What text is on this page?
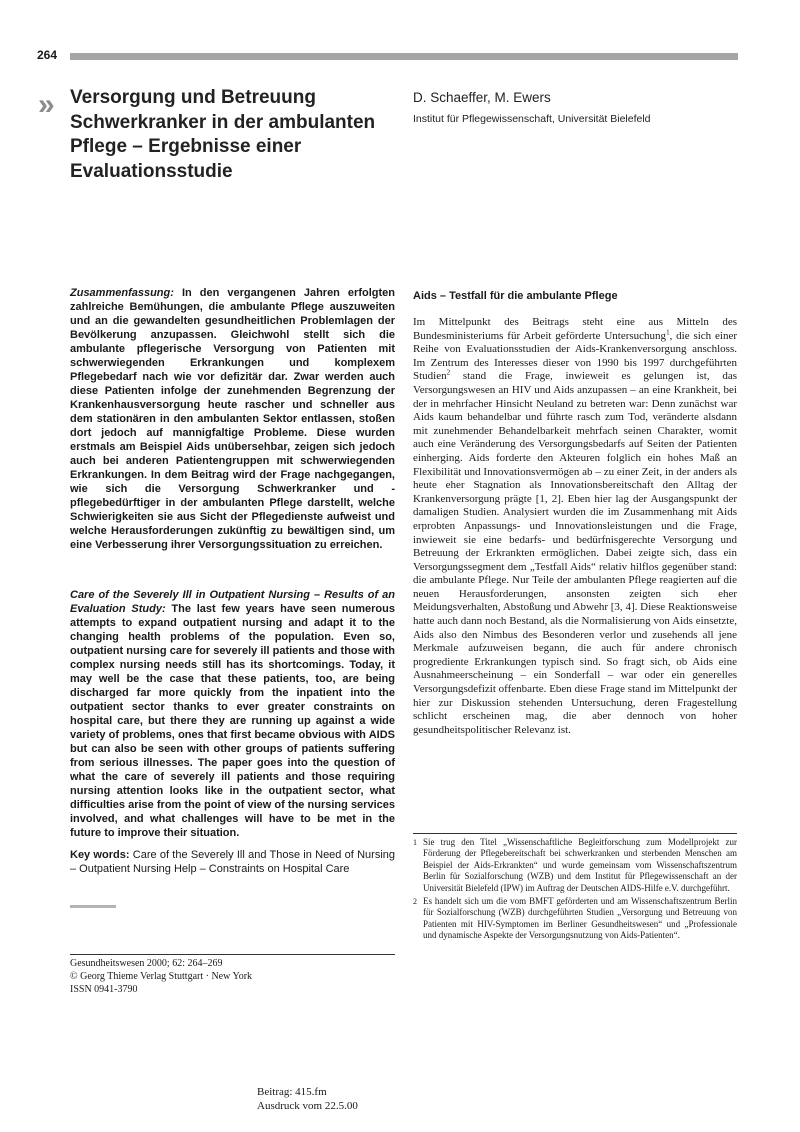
264
» Versorgung und Betreuung Schwerkranker in der ambulanten Pflege – Ergebnisse einer Evaluationsstudie
D. Schaeffer, M. Ewers
Institut für Pflegewissenschaft, Universität Bielefeld

Zusammenfassung: In den vergangenen Jahren erfolgten zahlreiche Bemühungen, die ambulante Pflege auszuweiten und an die gewandelten gesundheitlichen Problemlagen der Bevölkerung anzupassen. Gleichwohl stellt sich die ambulante pflegerische Versorgung von Patienten mit schwerwiegenden Erkrankungen und komplexem Pflegebedarf nach wie vor defizitär dar. Zwar werden auch diese Patienten infolge der zunehmenden Begrenzung der Krankenhausversorgung heute rascher und schneller aus dem stationären in den ambulanten Sektor entlassen, stoßen dort jedoch auf mannigfaltige Probleme. Diese wurden erstmals am Beispiel Aids unübersehbar, zeigen sich jedoch auch bei anderen Patientengruppen mit schwerwiegenden Erkrankungen. In dem Beitrag wird der Frage nachgegangen, wie sich die Versorgung Schwerkranker und -pflegebedürftiger in der ambulanten Pflege darstellt, welche Schwierigkeiten sie aus Sicht der Pflegedienste aufweist und welche Herausforderungen zukünftig zu bewältigen sind, um eine Verbesserung ihrer Versorgungssituation zu erreichen.

Care of the Severely Ill in Outpatient Nursing – Results of an Evaluation Study: The last few years have seen numerous attempts to expand outpatient nursing and adapt it to the changing health problems of the population. Even so, outpatient nursing care for severely ill patients and those with complex nursing needs still has its shortcomings. Today, it may well be the case that these patients, too, are being discharged far more quickly from the inpatient into the outpatient sector thanks to ever greater constraints on hospital care, but there they are running up against a wide variety of problems, ones that first became obvious with AIDS but can also be seen with other groups of patients suffering from serious illnesses. The paper goes into the question of what the care of severely ill patients and those requiring nursing attention looks like in the outpatient sector, what difficulties arise from the point of view of the nursing services involved, and what challenges will have to be met in the future to improve their situation.

Key words: Care of the Severely Ill and Those in Need of Nursing – Outpatient Nursing Help – Constraints on Hospital Care

Gesundheitswesen 2000; 62: 264–269
© Georg Thieme Verlag Stuttgart · New York
ISSN 0941-3790
Aids – Testfall für die ambulante Pflege

Im Mittelpunkt des Beitrags steht eine aus Mitteln des Bundesministeriums für Arbeit geförderte Untersuchung$^1$, die sich einer Reihe von Evaluationsstudien der Aids-Krankenversorgung anschloss. Im Zentrum des Interesses dieser von 1990 bis 1997 durchgeführten Studien$^2$ stand die Frage, inwieweit es gelungen ist, das Versorgungswesen an HIV und Aids anzupassen – an eine Krankheit, bei der in mehrfacher Hinsicht Neuland zu betreten war: Denn zunächst war Aids kaum behandelbar und führte rasch zum Tod, veränderte alsdann mit zunehmender Behandelbarkeit mehrfach seinen Charakter, womit auch eine Veränderung des Versorgungsbedarfs auf Seiten der Patienten einherging. Aids forderte den Akteuren folglich ein hohes Maß an Flexibilität und Innovationsvermögen ab – zu einer Zeit, in der anders als heute eher Stagnation als Innovationsbereitschaft den Alltag der Krankenversorgung prägte [1, 2]. Eben hier lag der Ausgangspunkt der damaligen Studien. Analysiert wurden die im Zusammenhang mit Aids erprobten Anpassungs- und Innovationsleistungen und die Frage, inwieweit sie eine bedarfs- und bedürfnisgerechte Versorgung und Betreuung der Erkrankten ermöglichen. Dabei zeigte sich, dass ein Versorgungssegment dem „Testfall Aids“ relativ hilflos gegenüber stand: die ambulante Pflege. Nur Teile der ambulanten Pflege reagierten auf die neuen Herausforderungen, ansonsten zeigten sich eher Meidungsverhalten, Abstoßung und Abwehr [3, 4]. Diese Reaktionsweise hatte auch dann noch Bestand, als die Normalisierung von Aids einsetzte, Aids also den Nimbus des Besonderen verlor und zusehends all jene Merkmale aufzuweisen begann, die auch für andere chronisch progrediente Erkrankungen typisch sind. So fragt sich, ob Aids eine Ausnahmeerscheinung – ein Sonderfall – war oder ein generelles Versorgungsdefizit offenbarte. Eben diese Frage stand im Mittelpunkt der hier zur Diskussion stehenden Untersuchung, deren Fragestellung schlicht erscheinen mag, die aber dennoch von hoher gesundheitspolitischer Relevanz ist.

1 Sie trug den Titel „Wissenschaftliche Begleitforschung zum Modellprojekt zur Förderung der Pflegebereitschaft bei schwerkranken und sterbenden Menschen am Beispiel der Aids-Erkrankten“ und wurde gemeinsam vom Wissenschaftszentrum Berlin für Sozialforschung (WZB) und dem Institut für Pflegewissenschaft an der Universität Bielefeld (IPW) im Auftrag der Deutschen AIDS-Hilfe e.V. durchgeführt.
2 Es handelt sich um die vom BMFT geförderten und am Wissenschaftszentrum Berlin für Sozialforschung (WZB) durchgeführten Studien „Versorgung und Betreuung von Patienten mit HIV-Symptomen im Berliner Gesundheitswesen“ und „Professionale und dynamische Aspekte der Versorgungsnutzung von Aids-Patienten“.
Beitrag: 415.fm
Ausdruck vom 22.5.00
